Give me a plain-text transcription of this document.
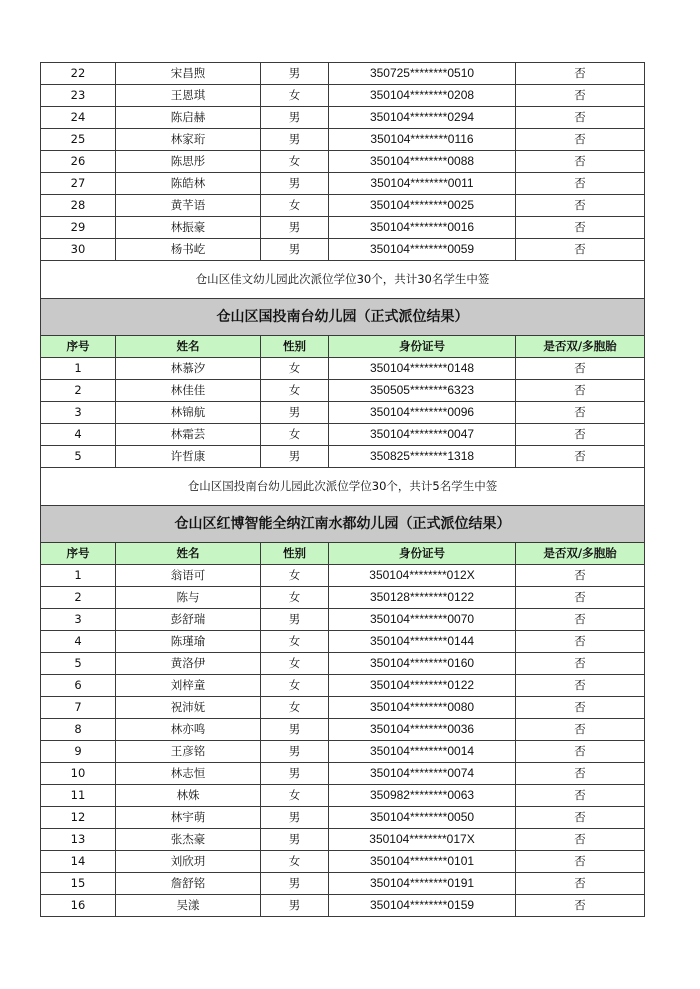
22	宋昌煦	男	350725********0510	否
23	王恩琪	女	350104********0208	否
24	陈启赫	男	350104********0294	否
25	林家珩	男	350104********0116	否
26	陈思彤	女	350104********0088	否
27	陈皓林	男	350104********0011	否
28	黄芊语	女	350104********0025	否
29	林振豪	男	350104********0016	否
30	杨书屹	男	350104********0059	否
仓山区佳文幼儿园此次派位学位30个，共计30名学生中签				
仓山区国投南台幼儿园（正式派位结果）				
序号	姓名	性别	身份证号	是否双/多胞胎
1	林慕汐	女	350104********0148	否
2	林佳佳	女	350505********6323	否
3	林锦航	男	350104********0096	否
4	林霜芸	女	350104********0047	否
5	许哲康	男	350825********1318	否
仓山区国投南台幼儿园此次派位学位30个，共计5名学生中签				
仓山区红博智能全纳江南水都幼儿园（正式派位结果）				
序号	姓名	性别	身份证号	是否双/多胞胎
1	翁语可	女	350104********012X	否
2	陈与	女	350128********0122	否
3	彭舒瑞	男	350104********0070	否
4	陈瑾瑜	女	350104********0144	否
5	黄洛伊	女	350104********0160	否
6	刘梓童	女	350104********0122	否
7	祝沛妩	女	350104********0080	否
8	林亦鸣	男	350104********0036	否
9	王彦铭	男	350104********0014	否
10	林志恒	男	350104********0074	否
11	林姝	女	350982********0063	否
12	林宇萌	男	350104********0050	否
13	张杰豪	男	350104********017X	否
14	刘欣玥	女	350104********0101	否
15	詹舒铭	男	350104********0191	否
16	吴漾	男	350104********0159	否
